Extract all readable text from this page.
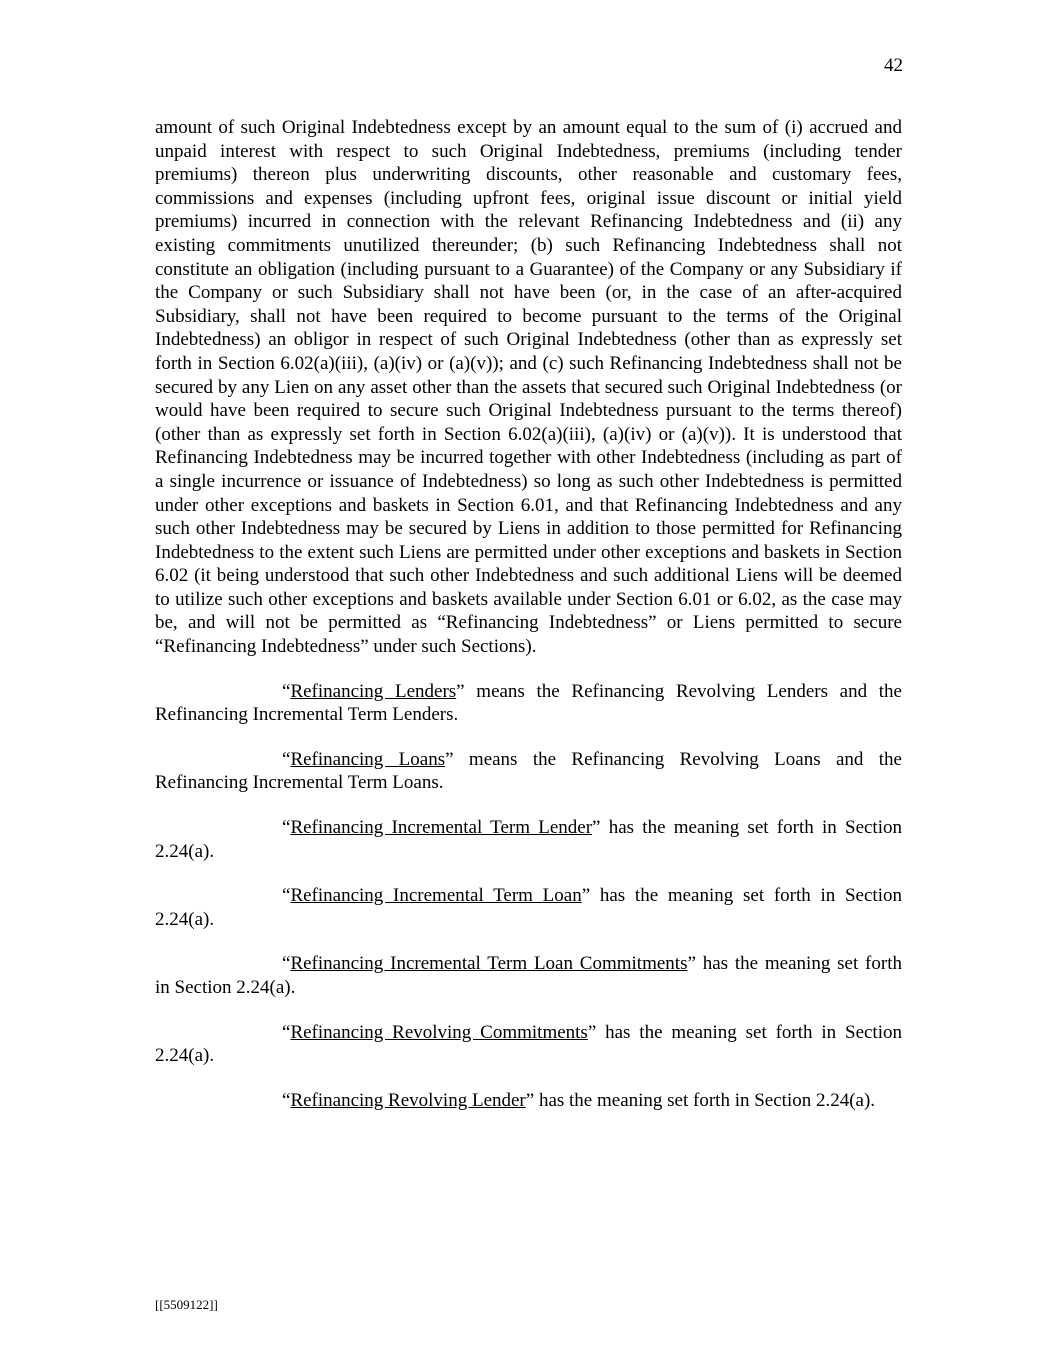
42

amount of such Original Indebtedness except by an amount equal to the sum of (i) accrued and unpaid interest with respect to such Original Indebtedness, premiums (including tender premiums) thereon plus underwriting discounts, other reasonable and customary fees, commissions and expenses (including upfront fees, original issue discount or initial yield premiums) incurred in connection with the relevant Refinancing Indebtedness and (ii) any existing commitments unutilized thereunder; (b) such Refinancing Indebtedness shall not constitute an obligation (including pursuant to a Guarantee) of the Company or any Subsidiary if the Company or such Subsidiary shall not have been (or, in the case of an after-acquired Subsidiary, shall not have been required to become pursuant to the terms of the Original Indebtedness) an obligor in respect of such Original Indebtedness (other than as expressly set forth in Section 6.02(a)(iii), (a)(iv) or (a)(v)); and (c) such Refinancing Indebtedness shall not be secured by any Lien on any asset other than the assets that secured such Original Indebtedness (or would have been required to secure such Original Indebtedness pursuant to the terms thereof) (other than as expressly set forth in Section 6.02(a)(iii), (a)(iv) or (a)(v)). It is understood that Refinancing Indebtedness may be incurred together with other Indebtedness (including as part of a single incurrence or issuance of Indebtedness) so long as such other Indebtedness is permitted under other exceptions and baskets in Section 6.01, and that Refinancing Indebtedness and any such other Indebtedness may be secured by Liens in addition to those permitted for Refinancing Indebtedness to the extent such Liens are permitted under other exceptions and baskets in Section 6.02 (it being understood that such other Indebtedness and such additional Liens will be deemed to utilize such other exceptions and baskets available under Section 6.01 or 6.02, as the case may be, and will not be permitted as “Refinancing Indebtedness” or Liens permitted to secure “Refinancing Indebtedness” under such Sections).

“Refinancing Lenders” means the Refinancing Revolving Lenders and the Refinancing Incremental Term Lenders.

“Refinancing Loans” means the Refinancing Revolving Loans and the Refinancing Incremental Term Loans.

“Refinancing Incremental Term Lender” has the meaning set forth in Section 2.24(a).

“Refinancing Incremental Term Loan” has the meaning set forth in Section 2.24(a).

“Refinancing Incremental Term Loan Commitments” has the meaning set forth in Section 2.24(a).

“Refinancing Revolving Commitments” has the meaning set forth in Section 2.24(a).

“Refinancing Revolving Lender” has the meaning set forth in Section 2.24(a).

[[5509122]]
